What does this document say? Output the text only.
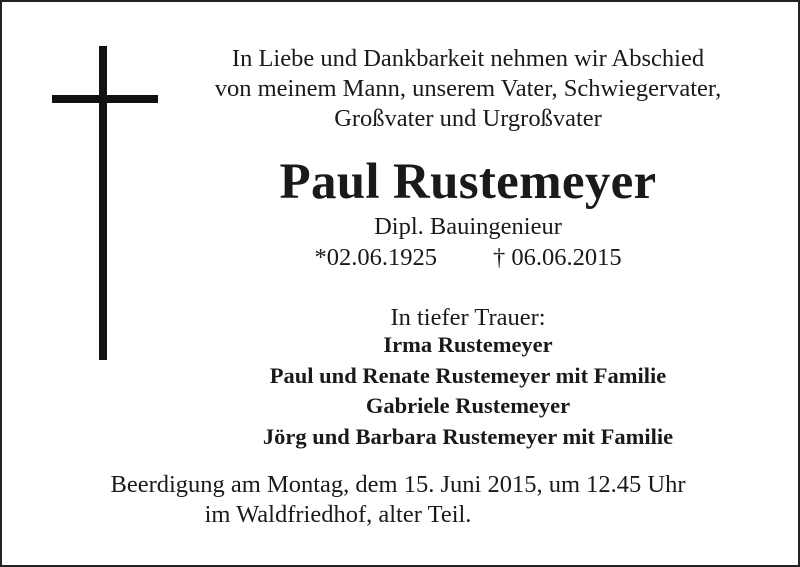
In Liebe und Dankbarkeit nehmen wir Abschied
von meinem Mann, unserem Vater, Schwiegervater,
Großvater und Urgroßvater
Paul Rustemeyer
Dipl. Bauingenieur
*02.06.1925 † 06.06.2015
In tiefer Trauer:
Irma Rustemeyer
Paul und Renate Rustemeyer mit Familie
Gabriele Rustemeyer
Jörg und Barbara Rustemeyer mit Familie
Beerdigung am Montag, dem 15. Juni 2015, um 12.45 Uhr
im Waldfriedhof, alter Teil.
